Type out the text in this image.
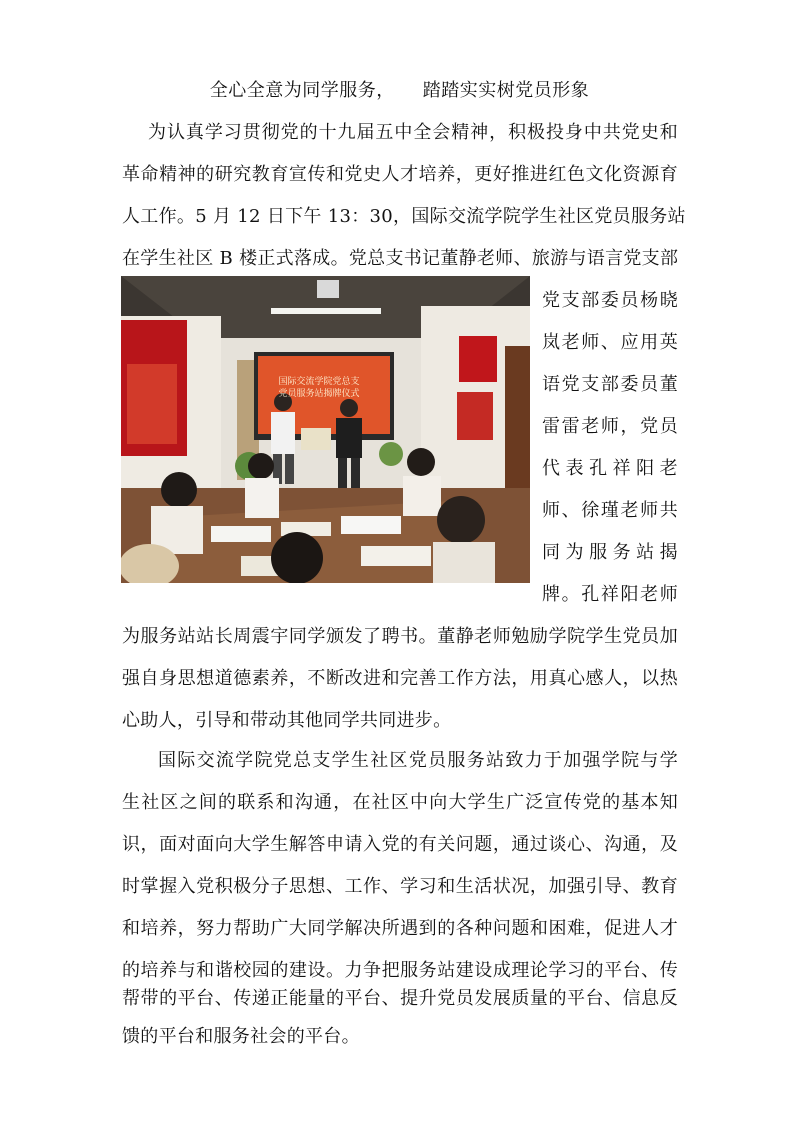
全心全意为同学服务， 踏踏实实树党员形象
为认真学习贯彻党的十九届五中全会精神，积极投身中共党史和
革命精神的研究教育宣传和党史人才培养，更好推进红色文化资源育
人工作。5 月 12 日下午 13：30，国际交流学院学生社区党员服务站
在学生社区 B 楼正式落成。党总支书记董静老师、旅游与语言党支部
国际交流学院党总支
党员服务站揭牌仪式
党支部委员杨晓
岚老师、应用英
语党支部委员董
雷雷老师，党员
代表孔祥阳老
师、徐瑾老师共
同为服务站揭
牌。孔祥阳老师
为服务站站长周震宇同学颁发了聘书。董静老师勉励学院学生党员加
强自身思想道德素养，不断改进和完善工作方法，用真心感人，以热
心助人，引导和带动其他同学共同进步。
国际交流学院党总支学生社区党员服务站致力于加强学院与学
生社区之间的联系和沟通，在社区中向大学生广泛宣传党的基本知
识，面对面向大学生解答申请入党的有关问题，通过谈心、沟通，及
时掌握入党积极分子思想、工作、学习和生活状况，加强引导、教育
和培养，努力帮助广大同学解决所遇到的各种问题和困难，促进人才
的培养与和谐校园的建设。力争把服务站建设成理论学习的平台、传
帮带的平台、传递正能量的平台、提升党员发展质量的平台、信息反
馈的平台和服务社会的平台。
